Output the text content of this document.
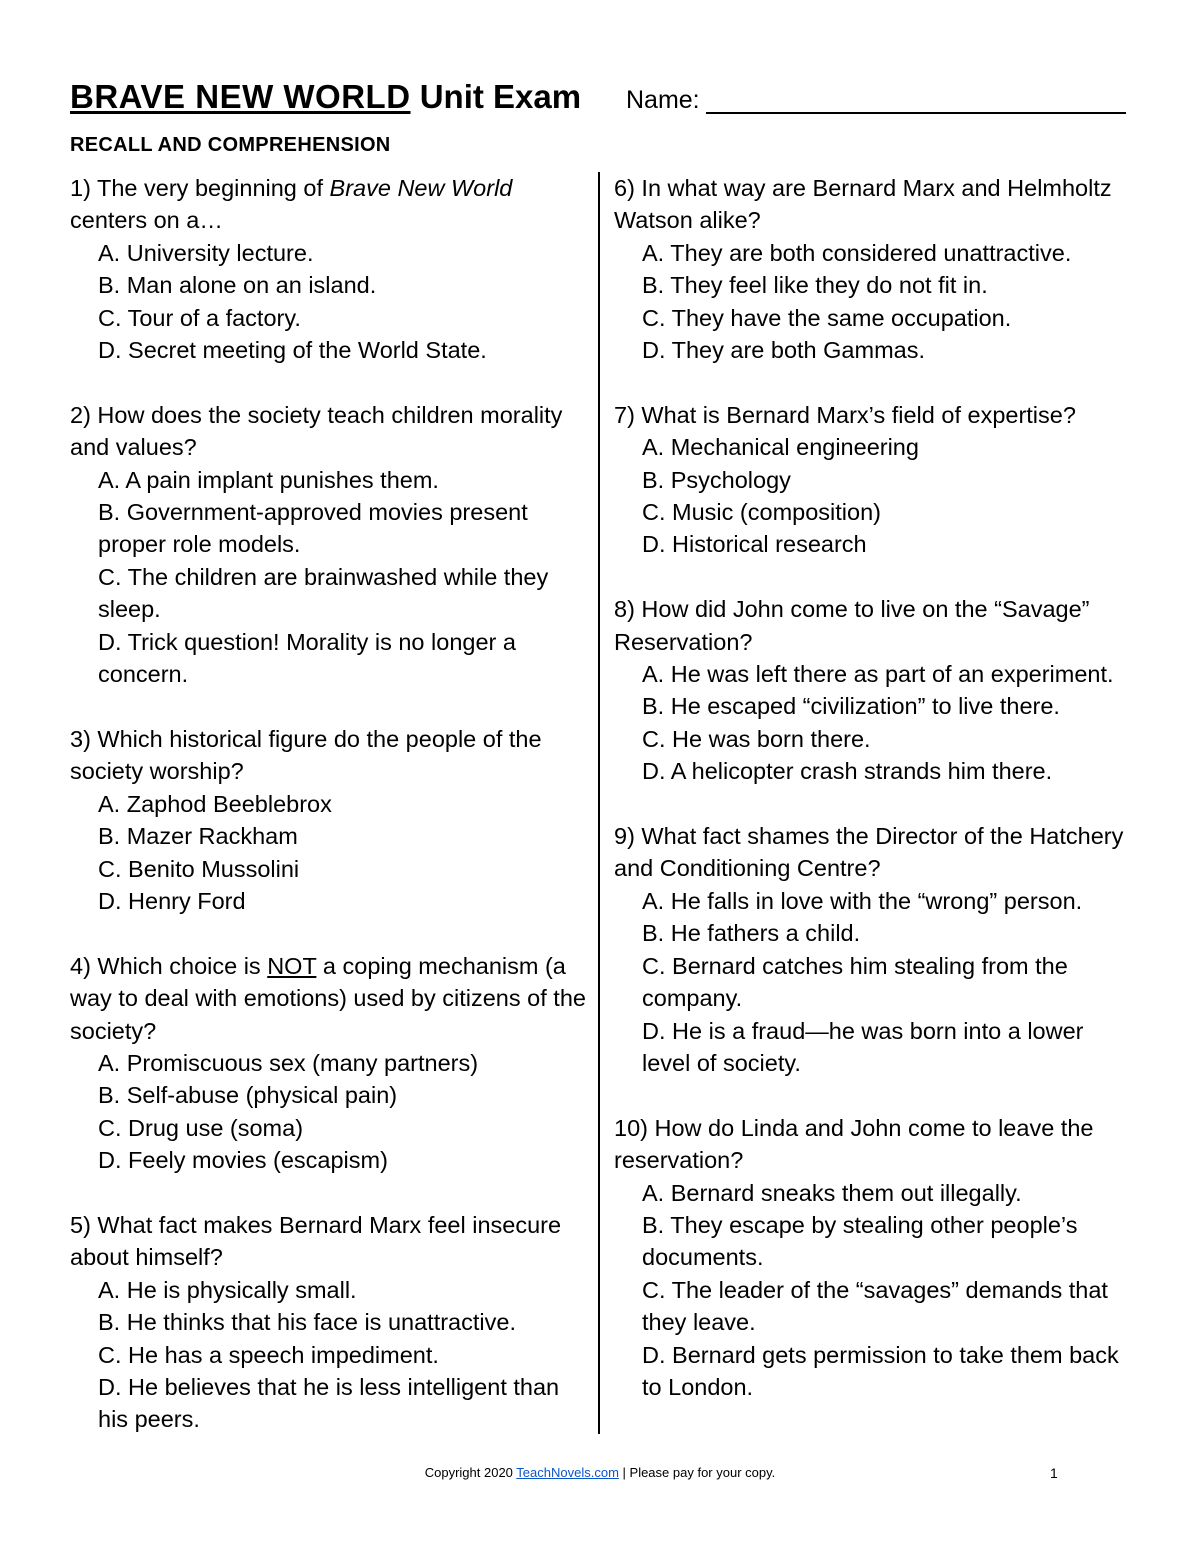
BRAVE NEW WORLD Unit Exam Name:
RECALL AND COMPREHENSION
1) The very beginning of Brave New World centers on a…
A. University lecture.
B. Man alone on an island.
C. Tour of a factory.
D. Secret meeting of the World State.
2) How does the society teach children morality and values?
A. A pain implant punishes them.
B. Government-approved movies present proper role models.
C. The children are brainwashed while they sleep.
D. Trick question! Morality is no longer a concern.
3) Which historical figure do the people of the society worship?
A. Zaphod Beeblebrox
B. Mazer Rackham
C. Benito Mussolini
D. Henry Ford
4) Which choice is NOT a coping mechanism (a way to deal with emotions) used by citizens of the society?
A. Promiscuous sex (many partners)
B. Self-abuse (physical pain)
C. Drug use (soma)
D. Feely movies (escapism)
5) What fact makes Bernard Marx feel insecure about himself?
A. He is physically small.
B. He thinks that his face is unattractive.
C. He has a speech impediment.
D. He believes that he is less intelligent than his peers.
6) In what way are Bernard Marx and Helmholtz Watson alike?
A. They are both considered unattractive.
B. They feel like they do not fit in.
C. They have the same occupation.
D. They are both Gammas.
7) What is Bernard Marx’s field of expertise?
A. Mechanical engineering
B. Psychology
C. Music (composition)
D. Historical research
8) How did John come to live on the “Savage” Reservation?
A. He was left there as part of an experiment.
B. He escaped “civilization” to live there.
C. He was born there.
D. A helicopter crash strands him there.
9) What fact shames the Director of the Hatchery and Conditioning Centre?
A. He falls in love with the “wrong” person.
B. He fathers a child.
C. Bernard catches him stealing from the company.
D. He is a fraud—he was born into a lower level of society.
10) How do Linda and John come to leave the reservation?
A. Bernard sneaks them out illegally.
B. They escape by stealing other people’s documents.
C. The leader of the “savages” demands that they leave.
D. Bernard gets permission to take them back to London.
Copyright 2020 TeachNovels.com | Please pay for your copy.	1
